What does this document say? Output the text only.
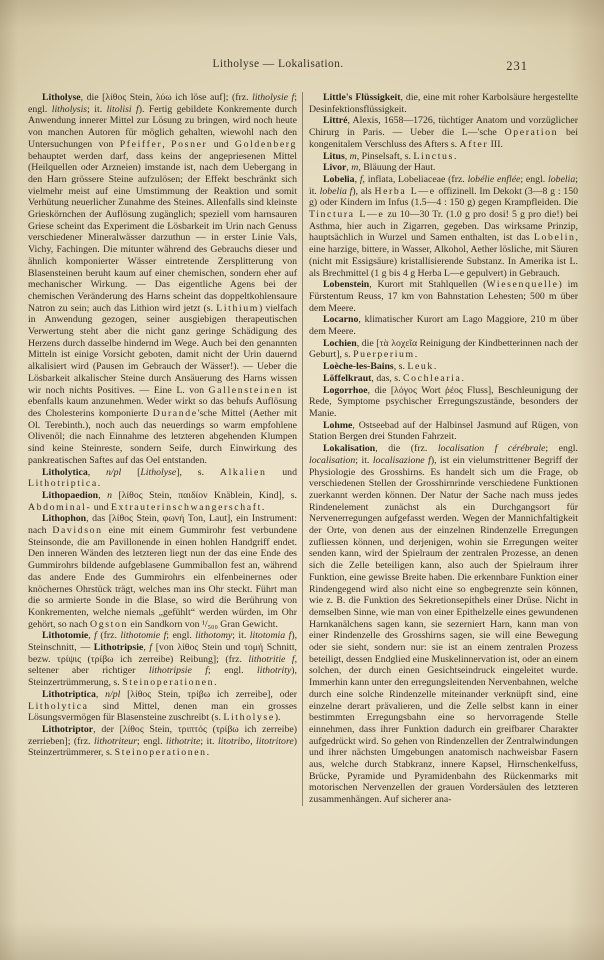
Litholyse — Lokalisation.	231

Litholyse, die [λίθος Stein, λύω ich löse auf]; (frz. litholysie f; engl. litholysis; it. litolisi f). Fertig gebildete Konkremente durch Anwendung innerer Mittel zur Lösung zu bringen, wird noch heute von manchen Autoren für möglich gehalten, wiewohl nach den Untersuchungen von Pfeiffer, Posner und Goldenberg behauptet werden darf, dass keins der angepriesenen Mittel (Heilquellen oder Arzneien) imstande ist, nach dem Uebergang in den Harn grössere Steine aufzulösen; der Effekt beschränkt sich vielmehr meist auf eine Umstimmung der Reaktion und somit Verhütung neuerlicher Zunahme des Steines. Allenfalls sind kleinste Grieskörnchen der Auflösung zugänglich; speziell vom harnsauren Griese scheint das Experiment die Lösbarkeit im Urin nach Genuss verschiedener Mineralwässer darzuthun — in erster Linie Vals, Vichy, Fachingen. Die mitunter während des Gebrauchs dieser und ähnlich komponierter Wässer eintretende Zersplitterung von Blasensteinen beruht kaum auf einer chemischen, sondern eher auf mechanischer Wirkung. — Das eigentliche Agens bei der chemischen Veränderung des Harns scheint das doppeltkohlensaure Natron zu sein; auch das Lithion wird jetzt (s. Lithium) vielfach in Anwendung gezogen, seiner ausgiebigen therapeutischen Verwertung steht aber die nicht ganz geringe Schädigung des Herzens durch dasselbe hindernd im Wege. Auch bei den genannten Mitteln ist einige Vorsicht geboten, damit nicht der Urin dauernd alkalisiert wird (Pausen im Gebrauch der Wässer!). — Ueber die Lösbarkeit alkalischer Steine durch Ansäuerung des Harns wissen wir noch nichts Positives. — Eine L. von Gallensteinen ist ebenfalls kaum anzunehmen. Weder wirkt so das behufs Auflösung des Cholesterins komponierte Durande'sche Mittel (Aether mit Ol. Terebinth.), noch auch das neuerdings so warm empfohlene Olivenöl; die nach Einnahme des letzteren abgehenden Klumpen sind keine Steinreste, sondern Seife, durch Einwirkung des pankreatischen Saftes auf das Oel entstanden.

Litholytica, n/pl [Litholyse], s. Alkalien und Lithotriptica.

Lithopaedion, n [λίθος Stein, παιδίον Knäblein, Kind], s. Abdominal- und Extrauterinschwangerschaft.

Lithophon, das [λίθος Stein, φωνή Ton, Laut], ein Instrument: nach Davidson eine mit einem Gummirohr fest verbundene Steinsonde, die am Pavillonende in einen hohlen Handgriff endet. Den inneren Wänden des letzteren liegt nun der das eine Ende des Gummirohrs bildende aufgeblasene Gummiballon fest an, während das andere Ende des Gummirohrs ein elfenbeinernes oder knöchernes Ohrstück trägt, welches man ins Ohr steckt. Führt man die so armierte Sonde in die Blase, so wird die Berührung von Konkrementen, welche niemals „gefühlt“ werden würden, im Ohr gehört, so nach Ogston ein Sandkorn von ¹/₅₀₀ Gran Gewicht.

Lithotomie, f (frz. lithotomie f; engl. lithotomy; it. litotomia f), Steinschnitt, — Lithotripsie, f [von λίθος Stein und τομή Schnitt, bezw. τρίψις (τρίβω ich zerreibe) Reibung]; (frz. lithotritie f, seltener aber richtiger lithotripsie f; engl. lithotrity), Steinzertrümmerung, s. Steinoperationen.

Lithotriptica, n/pl [λίθος Stein, τρίβω ich zerreibe], oder Litholytica sind Mittel, denen man ein grosses Lösungsvermögen für Blasensteine zuschreibt (s. Litholyse).

Lithotriptor, der [λίθος Stein, τριπτός (τρίβω ich zerreibe) zerrieben]; (frz. lithotriteur; engl. lithotrite; it. litotribo, litotritore) Steinzertrümmerer, s. Steinoperationen.

Little's Flüssigkeit, die, eine mit roher Karbolsäure hergestellte Desinfektionsflüssigkeit.

Littré, Alexis, 1658—1726, tüchtiger Anatom und vorzüglicher Chirurg in Paris. — Ueber die L—'sche Operation bei kongenitalem Verschluss des Afters s. After III.

Litus, m, Pinselsaft, s. Linctus.

Livor, m, Bläuung der Haut.

Lobelia, f, inflata, Lobeliaceae (frz. lobélie enflée; engl. lobelia; it. lobelia f), als Herba L—e offizinell. Im Dekokt (3—8 g : 150 g) oder Kindern im Infus (1.5—4 : 150 g) gegen Krampfleiden. Die Tinctura L—e zu 10—30 Tr. (1.0 g pro dosi! 5 g pro die!) bei Asthma, hier auch in Zigarren, gegeben. Das wirksame Prinzip, hauptsächlich in Wurzel und Samen enthalten, ist das Lobelin, eine harzige, bittere, in Wasser, Alkohol, Aether lösliche, mit Säuren (nicht mit Essigsäure) kristallisierende Substanz. In Amerika ist L. als Brechmittel (1 g bis 4 g Herba L—e gepulvert) in Gebrauch.

Lobenstein, Kurort mit Stahlquellen (Wiesenquelle) im Fürstentum Reuss, 17 km von Bahnstation Lehesten; 500 m über dem Meere.

Locarno, klimatischer Kurort am Lago Maggiore, 210 m über dem Meere.

Lochien, die [τὰ λοχεῖα Reinigung der Kindbetterinnen nach der Geburt], s. Puerperium.

Loèche-les-Bains, s. Leuk.

Löffelkraut, das, s. Cochlearia.

Logorrhoe, die [λόγος Wort ῥέος Fluss], Beschleunigung der Rede, Symptome psychischer Erregungszustände, besonders der Manie.

Lohme, Ostseebad auf der Halbinsel Jasmund auf Rügen, von Station Bergen drei Stunden Fahrzeit.

Lokalisation, die (frz. localisation f cérébrale; engl. localisation; it. localisazione f), ist ein vielumstrittener Begriff der Physiologie des Grosshirns. Es handelt sich um die Frage, ob verschiedenen Stellen der Grosshirnrinde verschiedene Funktionen zuerkannt werden können. Der Natur der Sache nach muss jedes Rindenelement zunächst als ein Durchgangsort für Nervenerregungen aufgefasst werden. Wegen der Mannichfaltigkeit der Orte, von denen aus der einzelnen Rindenzelle Erregungen zufliessen können, und derjenigen, wohin sie Erregungen weiter senden kann, wird der Spielraum der zentralen Prozesse, an denen sich die Zelle beteiligen kann, also auch der Spielraum ihrer Funktion, eine gewisse Breite haben. Die erkennbare Funktion einer Rindengegend wird also nicht eine so engbegrenzte sein können, wie z. B. die Funktion des Sekretionsepithels einer Drüse. Nicht in demselben Sinne, wie man von einer Epithelzelle eines gewundenen Harnkanälchens sagen kann, sie sezerniert Harn, kann man von einer Rindenzelle des Grosshirns sagen, sie will eine Bewegung oder sie sieht, sondern nur: sie ist an einem zentralen Prozess beteiligt, dessen Endglied eine Muskelinnervation ist, oder an einem solchen, der durch einen Gesichtseindruck eingeleitet wurde. Immerhin kann unter den erregungsleitenden Nervenbahnen, welche durch eine solche Rindenzelle miteinander verknüpft sind, eine einzelne derart prävalieren, und die Zelle selbst kann in einer bestimmten Erregungsbahn eine so hervorragende Stelle einnehmen, dass ihrer Funktion dadurch ein greifbarer Charakter aufgedrückt wird. So gehen von Rindenzellen der Zentralwindungen und ihrer nächsten Umgebungen anatomisch nachweisbar Fasern aus, welche durch Stabkranz, innere Kapsel, Hirnschenkelfuss, Brücke, Pyramide und Pyramidenbahn des Rückenmarks mit motorischen Nervenzellen der grauen Vordersäulen des letzteren zusammenhängen. Auf sicherer ana-
